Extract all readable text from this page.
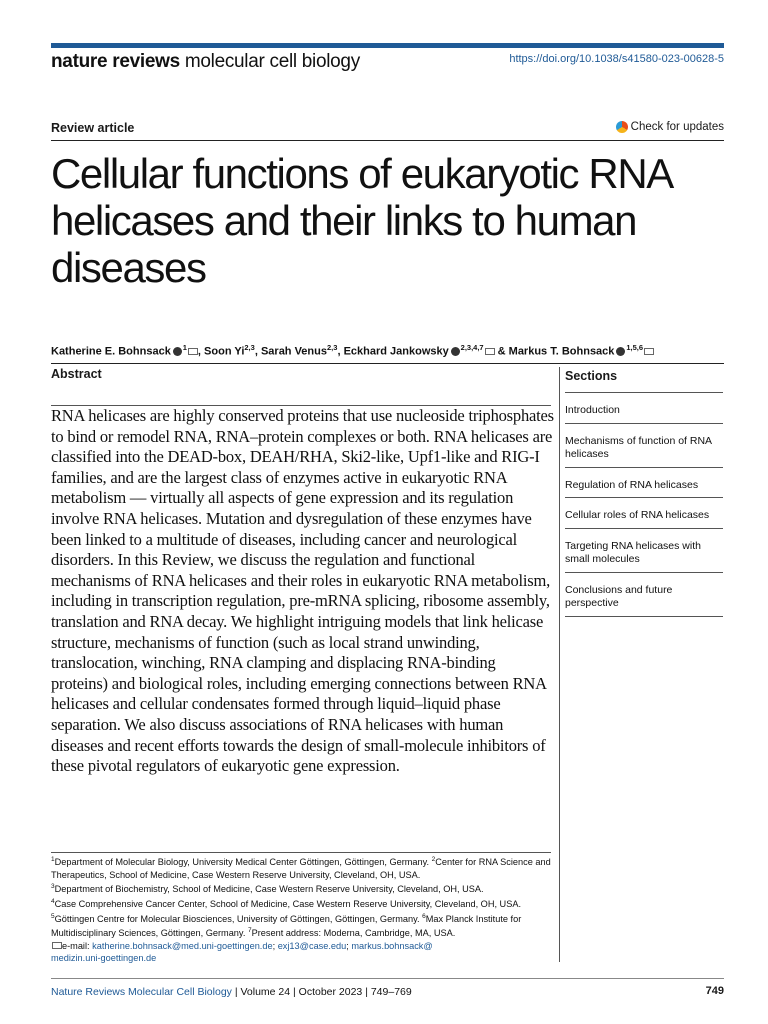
nature reviews molecular cell biology	https://doi.org/10.1038/s41580-023-00628-5
Review article	Check for updates
Cellular functions of eukaryotic RNA helicases and their links to human diseases
Katherine E. Bohnsack  $^1$ , Soon Yi$^{2,3}$, Sarah Venus$^{2,3}$, Eckhard Jankowsky  $^{2,3,4,7}$ & Markus T. Bohnsack  $^{1,5,6}$
Abstract
RNA helicases are highly conserved proteins that use nucleoside triphosphates to bind or remodel RNA, RNA–protein complexes or both. RNA helicases are classified into the DEAD-box, DEAH/RHA, Ski2-like, Upf1-like and RIG-I families, and are the largest class of enzymes active in eukaryotic RNA metabolism — virtually all aspects of gene expression and its regulation involve RNA helicases. Mutation and dysregulation of these enzymes have been linked to a multitude of diseases, including cancer and neurological disorders. In this Review, we discuss the regulation and functional mechanisms of RNA helicases and their roles in eukaryotic RNA metabolism, including in transcription regulation, pre-mRNA splicing, ribosome assembly, translation and RNA decay. We highlight intriguing models that link helicase structure, mechanisms of function (such as local strand unwinding, translocation, winching, RNA clamping and displacing RNA-binding proteins) and biological roles, including emerging connections between RNA helicases and cellular condensates formed through liquid–liquid phase separation. We also discuss associations of RNA helicases with human diseases and recent efforts towards the design of small-molecule inhibitors of these pivotal regulators of eukaryotic gene expression.
Sections
Introduction
Mechanisms of function of RNA helicases
Regulation of RNA helicases
Cellular roles of RNA helicases
Targeting RNA helicases with small molecules
Conclusions and future perspective
$^1$Department of Molecular Biology, University Medical Center Göttingen, Göttingen, Germany. $^2$Center for RNA Science and Therapeutics, School of Medicine, Case Western Reserve University, Cleveland, OH, USA.
$^3$Department of Biochemistry, School of Medicine, Case Western Reserve University, Cleveland, OH, USA.
$^4$Case Comprehensive Cancer Center, School of Medicine, Case Western Reserve University, Cleveland, OH, USA.
$^5$Göttingen Centre for Molecular Biosciences, University of Göttingen, Göttingen, Germany. $^6$Max Planck Institute for Multidisciplinary Sciences, Göttingen, Germany. $^7$Present address: Moderna, Cambridge, MA, USA.
e-mail: katherine.bohnsack@med.uni-goettingen.de; exj13@case.edu; markus.bohnsack@
medizin.uni-goettingen.de
Nature Reviews Molecular Cell Biology | Volume 24 | October 2023 | 749–769	749
